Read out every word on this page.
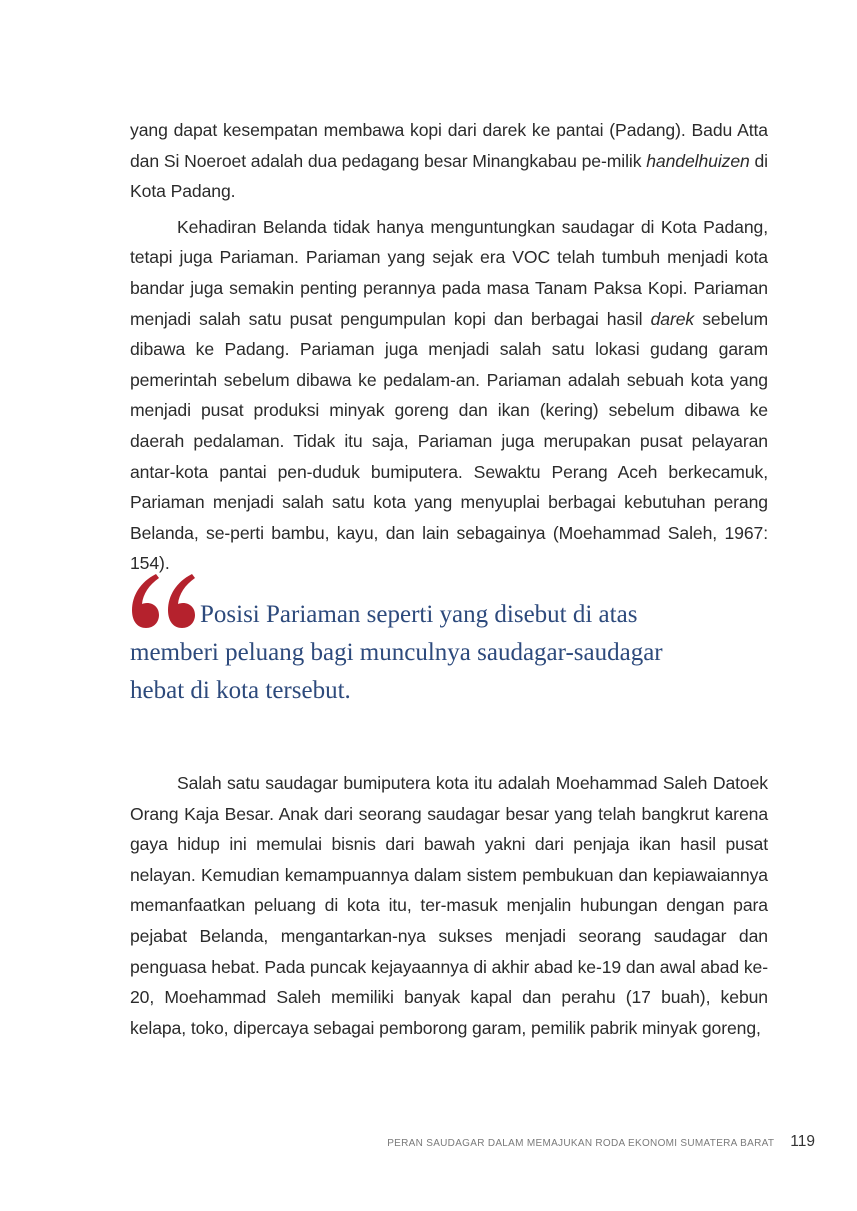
yang dapat kesempatan membawa kopi dari darek ke pantai (Padang). Badu Atta dan Si Noeroet adalah dua pedagang besar Minangkabau pe-milik handelhuizen di Kota Padang.

Kehadiran Belanda tidak hanya menguntungkan saudagar di Kota Padang, tetapi juga Pariaman. Pariaman yang sejak era VOC telah tumbuh menjadi kota bandar juga semakin penting perannya pada masa Tanam Paksa Kopi. Pariaman menjadi salah satu pusat pengumpulan kopi dan berbagai hasil darek sebelum dibawa ke Padang. Pariaman juga menjadi salah satu lokasi gudang garam pemerintah sebelum dibawa ke pedalam-an. Pariaman adalah sebuah kota yang menjadi pusat produksi minyak goreng dan ikan (kering) sebelum dibawa ke daerah pedalaman. Tidak itu saja, Pariaman juga merupakan pusat pelayaran antar-kota pantai pen-duduk bumiputera. Sewaktu Perang Aceh berkecamuk, Pariaman menjadi salah satu kota yang menyuplai berbagai kebutuhan perang Belanda, se-perti bambu, kayu, dan lain sebagainya (Moehammad Saleh, 1967: 154).

Posisi Pariaman seperti yang disebut di atas
memberi peluang bagi munculnya saudagar-saudagar
hebat di kota tersebut.

Salah satu saudagar bumiputera kota itu adalah Moehammad Saleh Datoek Orang Kaja Besar. Anak dari seorang saudagar besar yang telah bangkrut karena gaya hidup ini memulai bisnis dari bawah yakni dari penjaja ikan hasil pusat nelayan. Kemudian kemampuannya dalam sistem pembukuan dan kepiawaiannya memanfaatkan peluang di kota itu, ter-masuk menjalin hubungan dengan para pejabat Belanda, mengantarkan-nya sukses menjadi seorang saudagar dan penguasa hebat. Pada puncak kejayaannya di akhir abad ke-19 dan awal abad ke-20, Moehammad Saleh memiliki banyak kapal dan perahu (17 buah), kebun kelapa, toko, dipercaya sebagai pemborong garam, pemilik pabrik minyak goreng,

PERAN SAUDAGAR DALAM MEMAJUKAN RODA EKONOMI SUMATERA BARAT 119
